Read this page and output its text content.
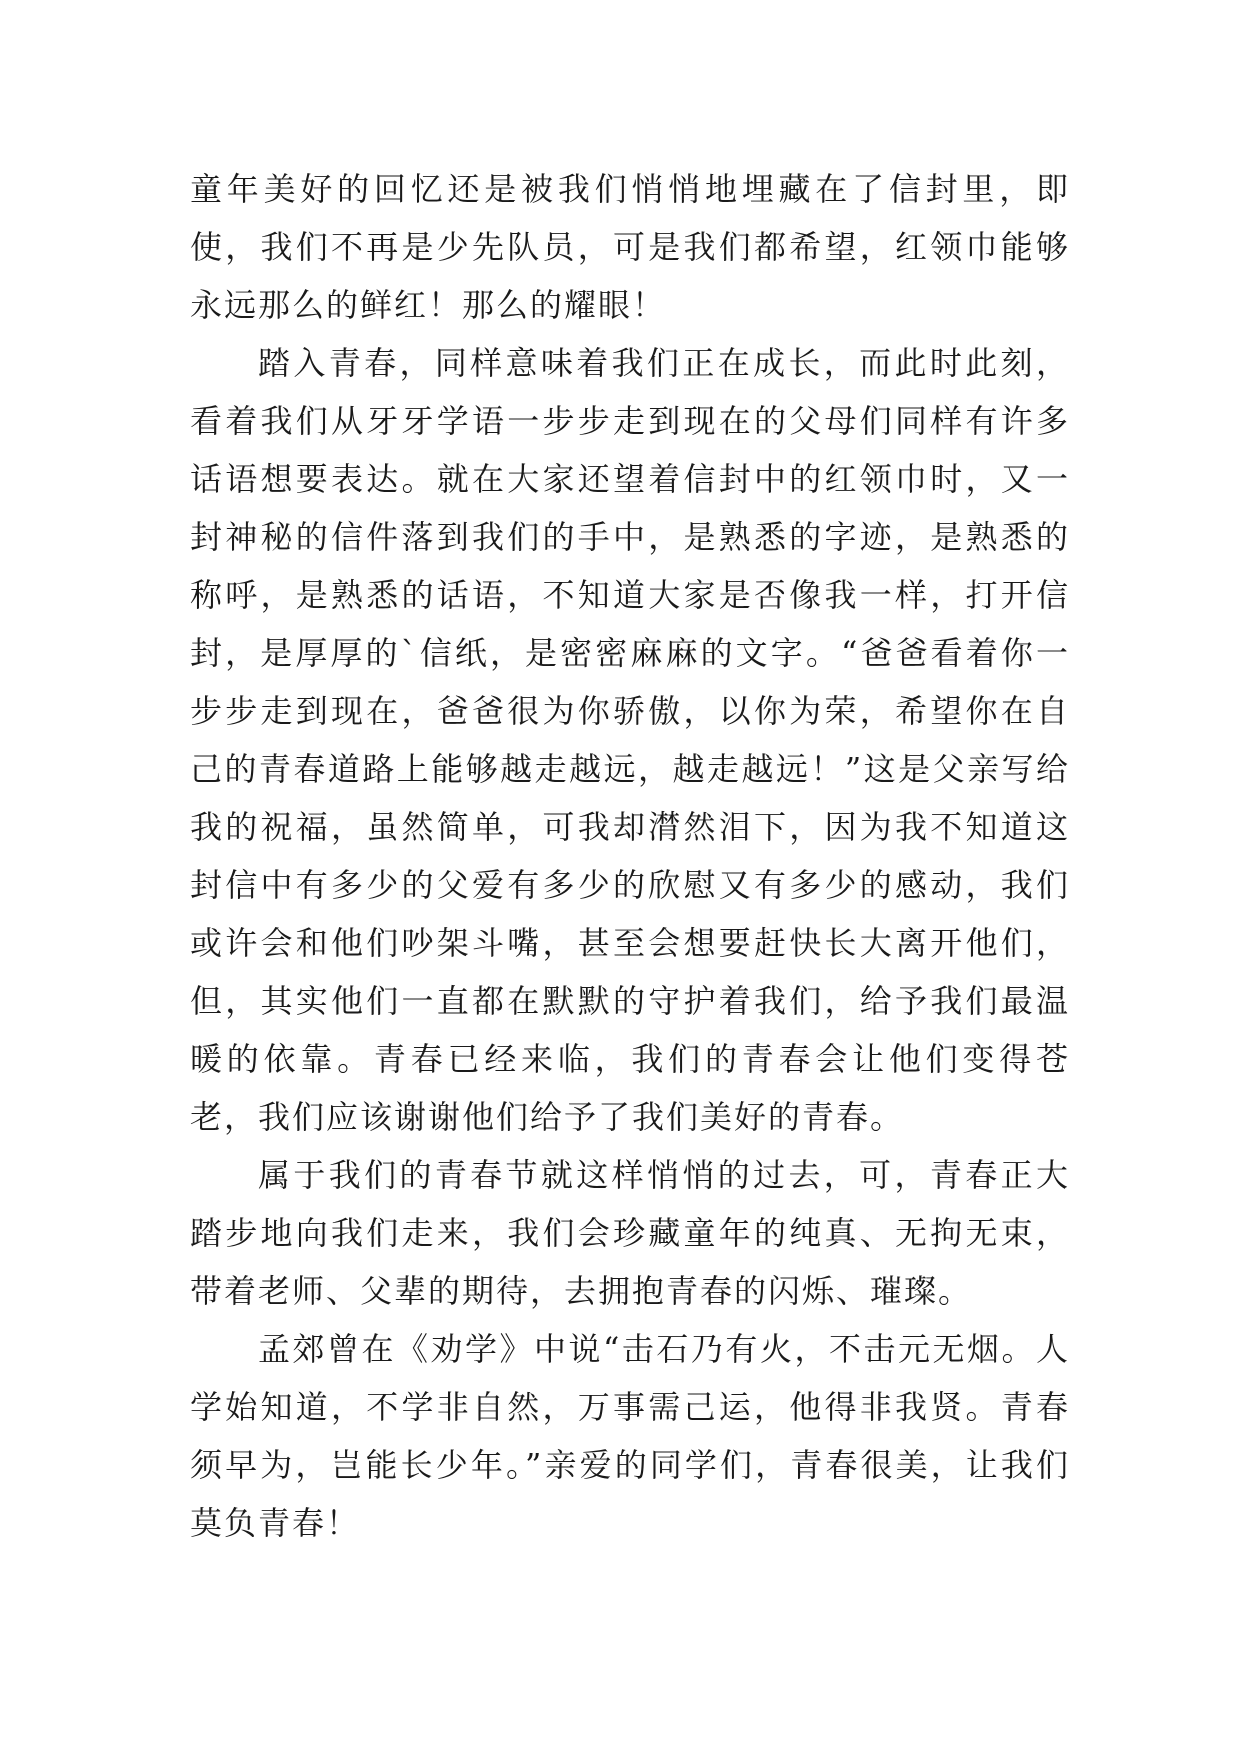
童年美好的回忆还是被我们悄悄地埋藏在了信封里，即使，我们不再是少先队员，可是我们都希望，红领巾能够永远那么的鲜红！那么的耀眼！

踏入青春，同样意味着我们正在成长，而此时此刻，看着我们从牙牙学语一步步走到现在的父母们同样有许多话语想要表达。就在大家还望着信封中的红领巾时，又一封神秘的信件落到我们的手中，是熟悉的字迹，是熟悉的称呼，是熟悉的话语，不知道大家是否像我一样，打开信封，是厚厚的`信纸，是密密麻麻的文字。“爸爸看着你一步步走到现在，爸爸很为你骄傲，以你为荣，希望你在自己的青春道路上能够越走越远，越走越远！”这是父亲写给我的祝福，虽然简单，可我却潸然泪下，因为我不知道这封信中有多少的父爱有多少的欣慰又有多少的感动，我们或许会和他们吵架斗嘴，甚至会想要赶快长大离开他们，但，其实他们一直都在默默的守护着我们，给予我们最温暖的依靠。青春已经来临，我们的青春会让他们变得苍老，我们应该谢谢他们给予了我们美好的青春。

属于我们的青春节就这样悄悄的过去，可，青春正大踏步地向我们走来，我们会珍藏童年的纯真、无拘无束，带着老师、父辈的期待，去拥抱青春的闪烁、璀璨。

孟郊曾在《劝学》中说“击石乃有火，不击元无烟。人学始知道，不学非自然，万事需己运，他得非我贤。青春须早为，岂能长少年。”亲爱的同学们，青春很美，让我们莫负青春！
